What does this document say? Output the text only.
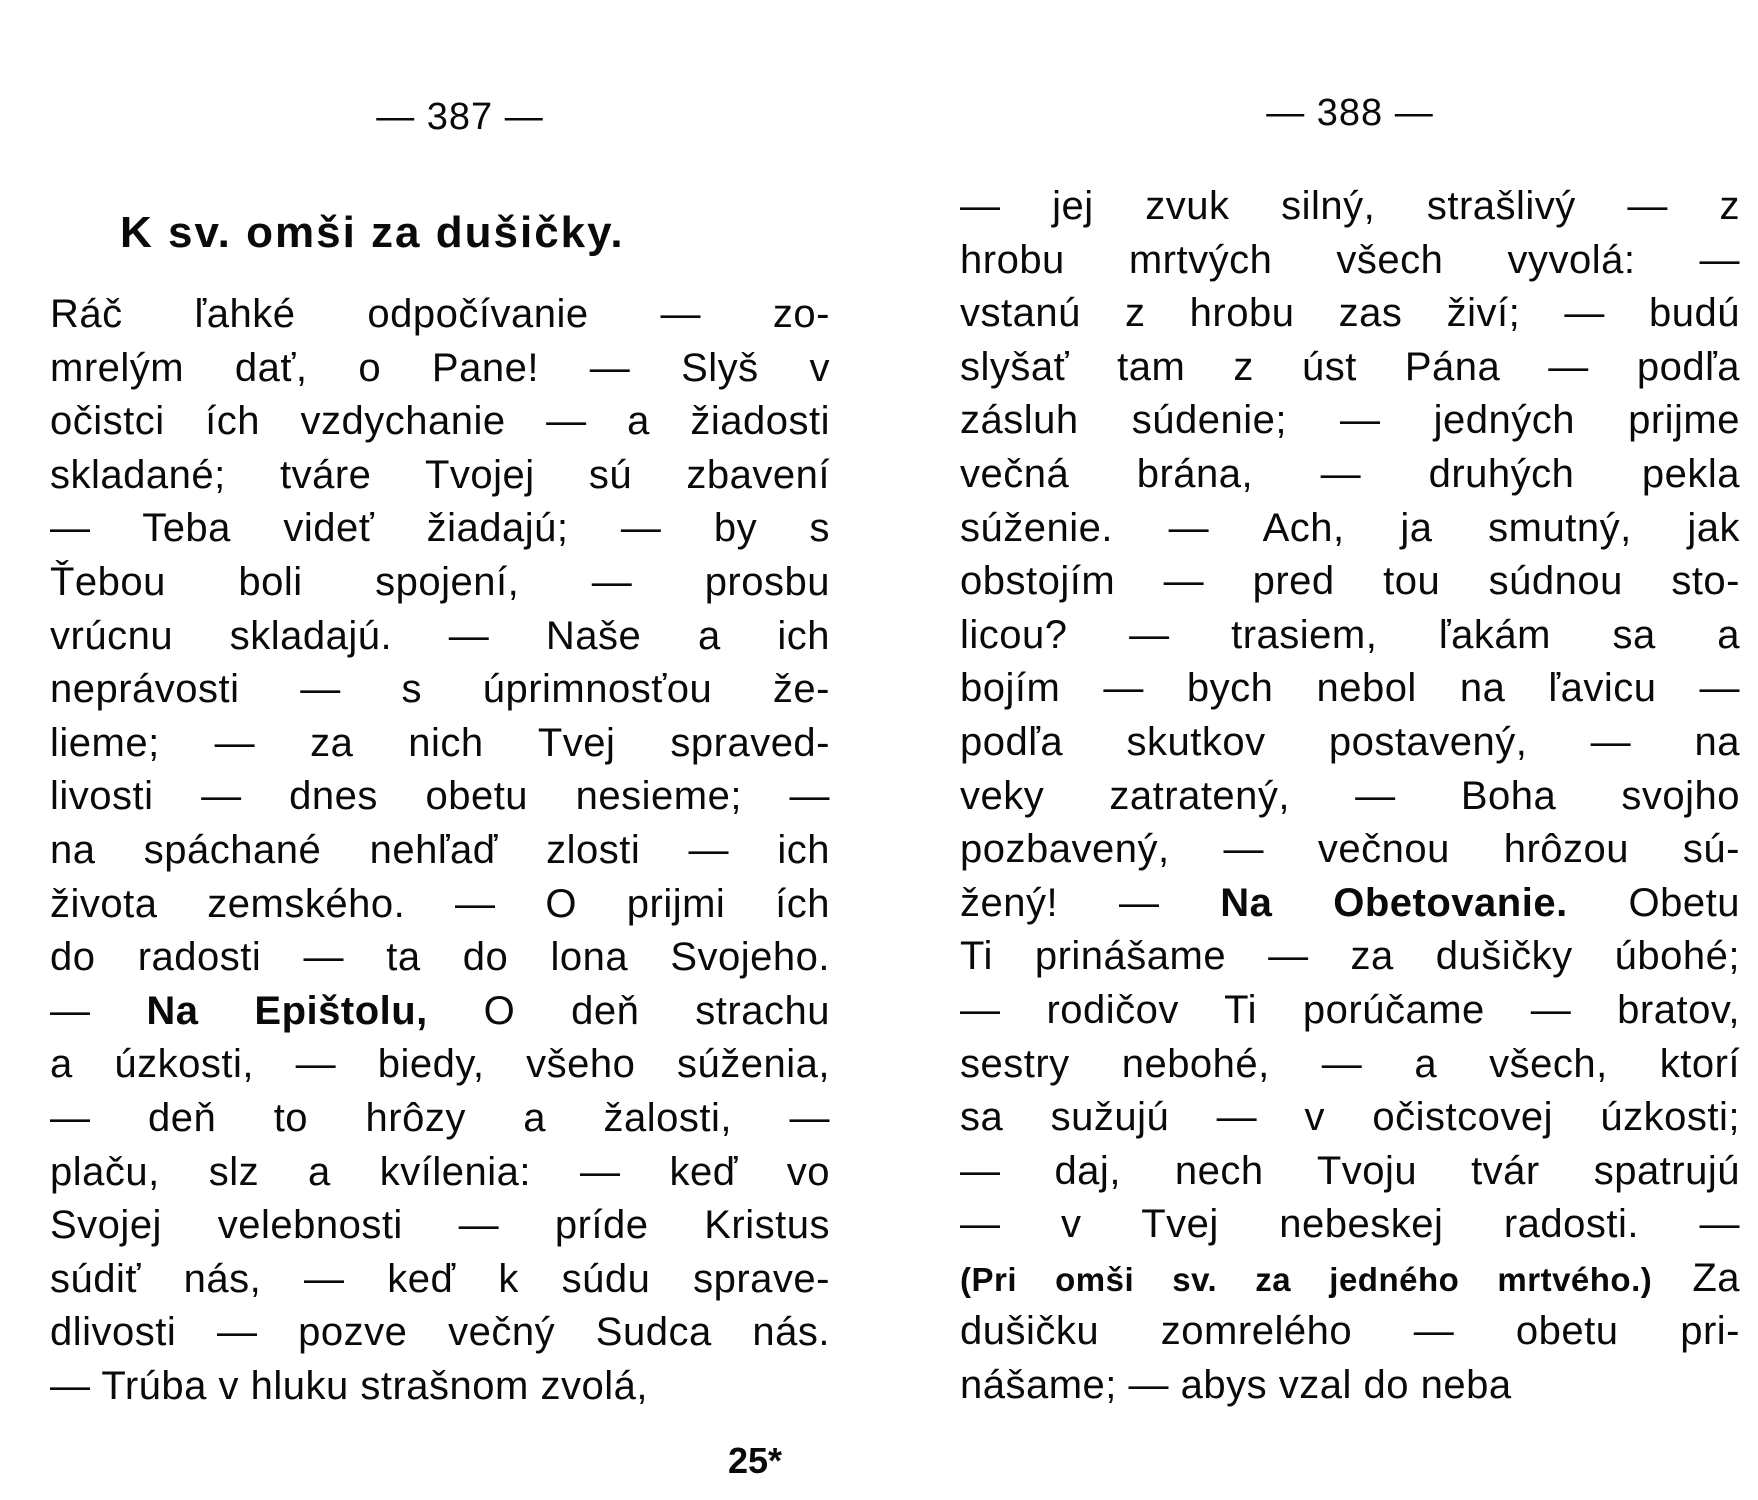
— 387 —
K sv. omši za dušičky.
Ráč ľahké odpočívanie — zo-
mrelým dať, o Pane! — Slyš v
očistci ích vzdychanie — a žiadosti
skladané; tváre Tvojej sú zbavení
— Teba videť žiadajú; — by s
Ťebou boli spojení, — prosbu
vrúcnu skladajú. — Naše a ich
neprávosti — s úprimnosťou že-
lieme; — za nich Tvej spraved-
livosti — dnes obetu nesieme; —
na spáchané nehľaď zlosti — ich
života zemského. — O prijmi ích
do radosti — ta do lona Svojeho.
— Na Epištolu, O deň strachu
a úzkosti, — biedy, všeho súženia,
— deň to hrôzy a žalosti, —
plaču, slz a kvílenia: — keď vo
Svojej velebnosti — príde Kristus
súdiť nás, — keď k súdu sprave-
dlivosti — pozve večný Sudca nás.
— Trúba v hluku strašnom zvolá,
25*
— 388 —
— jej zvuk silný, strašlivý — z
hrobu mrtvých všech vyvolá: —
vstanú z hrobu zas živí; — budú
slyšať tam z úst Pána — podľa
zásluh súdenie; — jedných prijme
večná brána, — druhých pekla
súženie. — Ach, ja smutný, jak
obstojím — pred tou súdnou sto-
licou? — trasiem, ľakám sa a
bojím — bych nebol na ľavicu —
podľa skutkov postavený, — na
veky zatratený, — Boha svojho
pozbavený, — večnou hrôzou sú-
žený! — Na Obetovanie. Obetu
Ti prinášame — za dušičky úbohé;
— rodičov Ti porúčame — bratov,
sestry nebohé, — a všech, ktorí
sa sužujú — v očistcovej úzkosti;
— daj, nech Tvoju tvár spatrujú
— v Tvej nebeskej radosti. —
(Pri omši sv. za jedného mrtvého.) Za
dušičku zomrelého — obetu pri-
nášame; — abys vzal do neba
